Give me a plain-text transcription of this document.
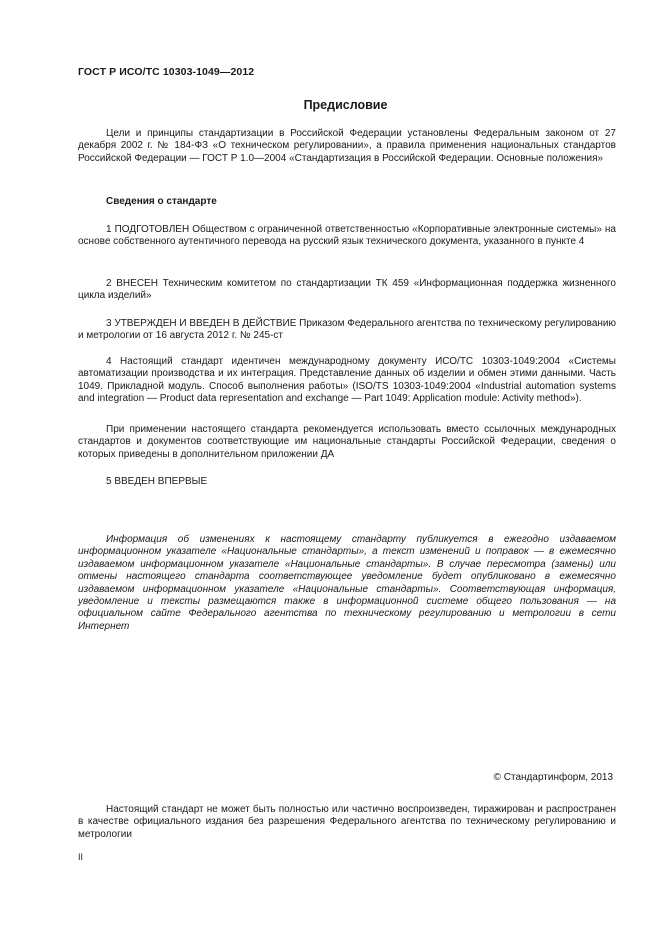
ГОСТ Р ИСО/ТС 10303-1049—2012
Предисловие

Цели и принципы стандартизации в Российской Федерации установлены Федеральным законом от 27 декабря 2002 г. № 184-ФЗ «О техническом регулировании», а правила применения национальных стандартов Российской Федерации — ГОСТ Р 1.0—2004 «Стандартизация в Российской Федерации. Основные положения»

Сведения о стандарте

1 ПОДГОТОВЛЕН Обществом с ограниченной ответственностью «Корпоративные электронные системы» на основе собственного аутентичного перевода на русский язык технического документа, указанного в пункте 4

2 ВНЕСЕН Техническим комитетом по стандартизации ТК 459 «Информационная поддержка жизненного цикла изделий»

3 УТВЕРЖДЕН И ВВЕДЕН В ДЕЙСТВИЕ Приказом Федерального агентства по техническому регулированию и метрологии от 16 августа 2012 г. № 245-ст

4 Настоящий стандарт идентичен международному документу ИСО/ТС 10303-1049:2004 «Системы автоматизации производства и их интеграция. Представление данных об изделии и обмен этими данными. Часть 1049. Прикладной модуль. Способ выполнения работы» (ISO/TS 10303-1049:2004 «Industrial automation systems and integration — Product data representation and exchange — Part 1049: Application module: Activity method»).

При применении настоящего стандарта рекомендуется использовать вместо ссылочных международных стандартов и документов соответствующие им национальные стандарты Российской Федерации, сведения о которых приведены в дополнительном приложении ДА

5 ВВЕДЕН ВПЕРВЫЕ

Информация об изменениях к настоящему стандарту публикуется в ежегодно издаваемом информационном указателе «Национальные стандарты», а текст изменений и поправок — в ежемесячно издаваемом информационном указателе «Национальные стандарты». В случае пересмотра (замены) или отмены настоящего стандарта соответствующее уведомление будет опубликовано в ежемесячно издаваемом информационном указателе «Национальные стандарты». Соответствующая информация, уведомление и тексты размещаются также в информационной системе общего пользования — на официальном сайте Федерального агентства по техническому регулированию и метрологии в сети Интернет

© Стандартинформ, 2013

Настоящий стандарт не может быть полностью или частично воспроизведен, тиражирован и распространен в качестве официального издания без разрешения Федерального агентства по техническому регулированию и метрологии

II
